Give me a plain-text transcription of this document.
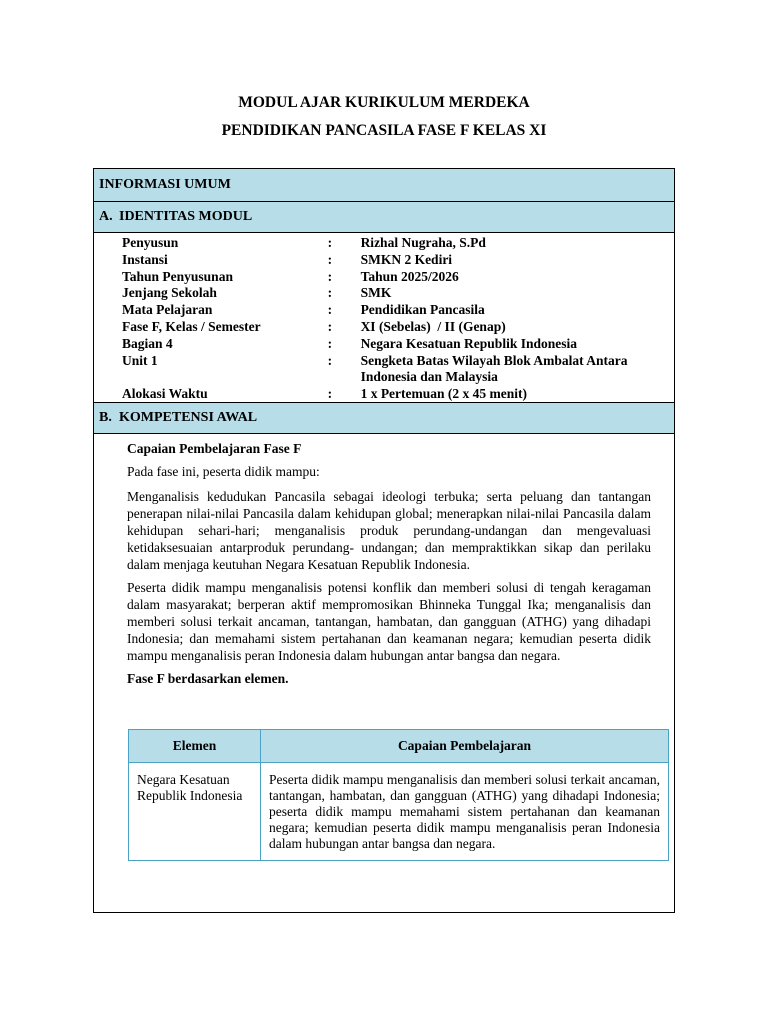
MODUL AJAR KURIKULUM MERDEKA
PENDIDIKAN PANCASILA FASE F KELAS XI
INFORMASI UMUM
A. IDENTITAS MODUL
Penyusun	:	Rizhal Nugraha, S.Pd
Instansi	:	SMKN 2 Kediri
Tahun Penyusunan	:	Tahun 2025/2026
Jenjang Sekolah	:	SMK
Mata Pelajaran	:	Pendidikan Pancasila
Fase F, Kelas / Semester	:	XI (Sebelas)  / II (Genap)
Bagian 4	:	Negara Kesatuan Republik Indonesia
Unit 1	:	Sengketa Batas Wilayah Blok Ambalat Antara
Indonesia dan Malaysia
Alokasi Waktu	:	1 x Pertemuan (2 x 45 menit)
B. KOMPETENSI AWAL
Capaian Pembelajaran Fase F
Pada fase ini, peserta didik mampu:
Menganalisis kedudukan Pancasila sebagai ideologi terbuka; serta peluang dan tantangan penerapan nilai-nilai Pancasila dalam kehidupan global; menerapkan nilai-nilai Pancasila dalam kehidupan sehari-hari; menganalisis produk perundang-undangan dan mengevaluasi ketidaksesuaian antarproduk perundang- undangan; dan mempraktikkan sikap dan perilaku dalam menjaga keutuhan Negara Kesatuan Republik Indonesia.
Peserta didik mampu menganalisis potensi konflik dan memberi solusi di tengah keragaman dalam masyarakat; berperan aktif mempromosikan Bhinneka Tunggal Ika; menganalisis dan memberi solusi terkait ancaman, tantangan, hambatan, dan gangguan (ATHG) yang dihadapi Indonesia; dan memahami sistem pertahanan dan keamanan negara; kemudian peserta didik mampu menganalisis peran Indonesia dalam hubungan antar bangsa dan negara.
Fase F berdasarkan elemen.
Elemen	Capaian Pembelajaran
Negara Kesatuan Republik Indonesia	Peserta didik mampu menganalisis dan memberi solusi terkait ancaman, tantangan, hambatan, dan gangguan (ATHG) yang dihadapi Indonesia; peserta didik mampu memahami sistem pertahanan dan keamanan negara; kemudian peserta didik mampu menganalisis peran Indonesia dalam hubungan antar bangsa dan negara.
